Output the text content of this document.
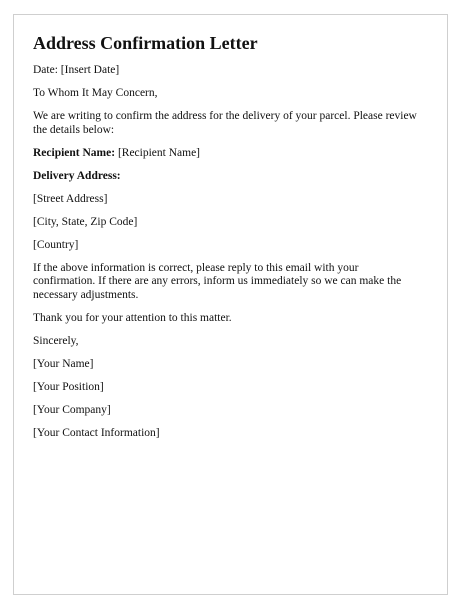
Address Confirmation Letter
Date: [Insert Date]
To Whom It May Concern,
We are writing to confirm the address for the delivery of your parcel. Please review the details below:
Recipient Name: [Recipient Name]
Delivery Address:
[Street Address]
[City, State, Zip Code]
[Country]
If the above information is correct, please reply to this email with your confirmation. If there are any errors, inform us immediately so we can make the necessary adjustments.
Thank you for your attention to this matter.
Sincerely,
[Your Name]
[Your Position]
[Your Company]
[Your Contact Information]
